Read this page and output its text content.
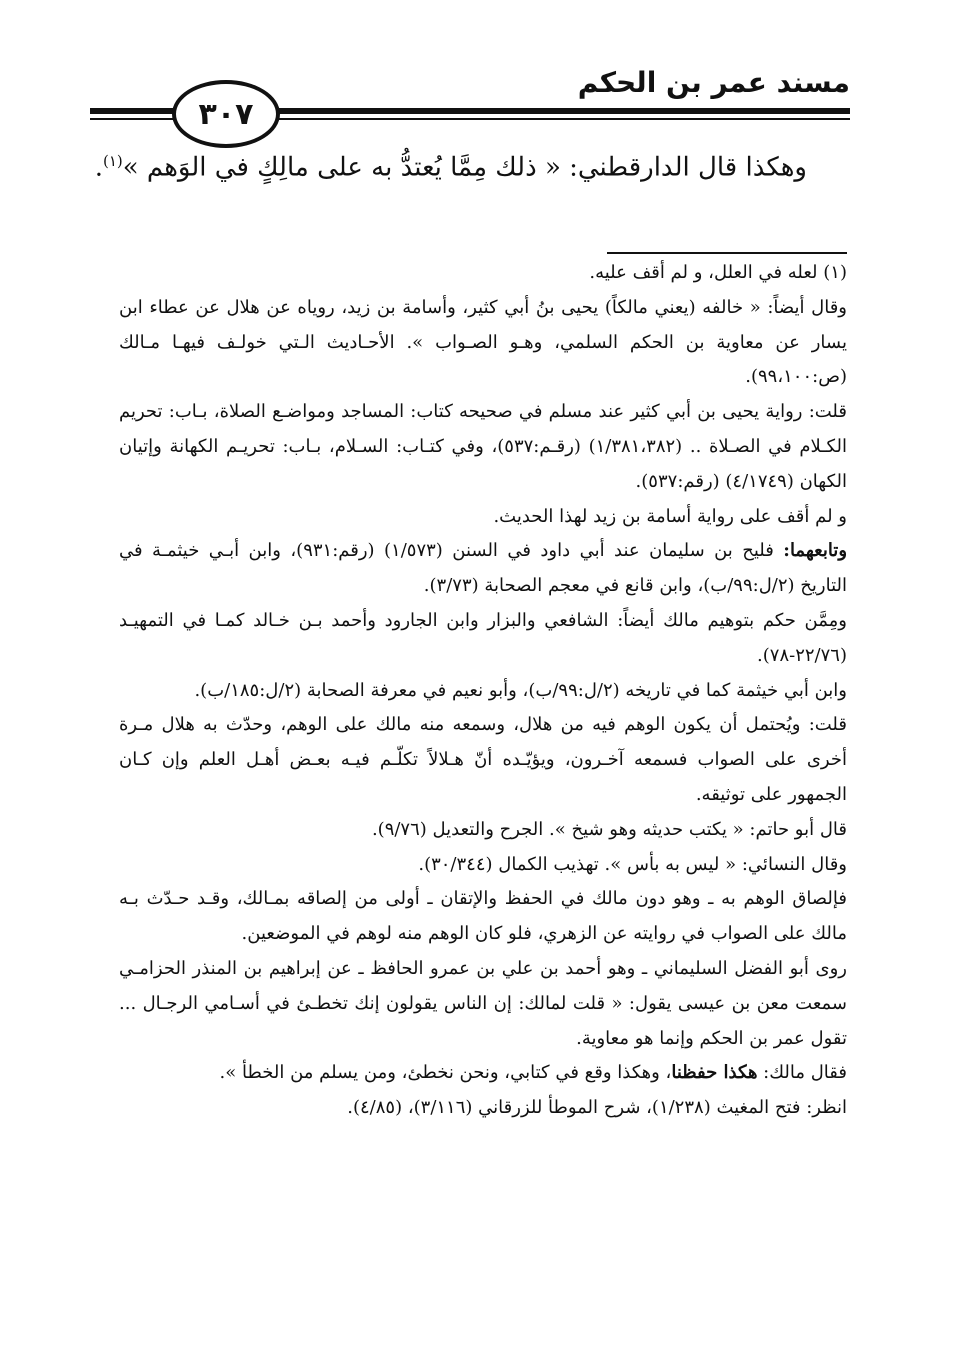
مسند عمر بن الحكم
٣٠٧
وهكذا قال الدارقطني: « ذلك مِمَّا يُعتدُّ به على مالِكٍ في الوَهم »$^{(١)}$.

(١) لعله في العلل، و لم أقف عليه.

وقال أيضاً: « خالفه (يعني مالكاً) يحيى بنُ أبي كثير، وأسامة بن زيد، روياه عن هلال عن عطاء ابن يسار عن معاوية بن الحكم السلمي، وهـو الصـواب ». الأحـاديث الـتي خولـف فيهـا مـالك (ص:٩٩،١٠٠).

قلت: رواية يحيى بن أبي كثير عند مسلم في صحيحه كتاب: المساجد ومواضـع الصلاة، بـاب: تحريم الكـلام في الصـلاة .. (١/٣٨١،٣٨٢) (رقـم:٥٣٧)، وفي كتـاب: السـلام، بـاب: تحريـم الكهانة وإتيان الكهان (٤/١٧٤٩) (رقم:٥٣٧).

و لم أقف على رواية أسامة بن زيد لهذا الحديث.

وتابعهما: فليح بن سليمان عند أبي داود في السنن (١/٥٧٣) (رقم:٩٣١)، وابن أبـي خيثمـة في التاريخ (٢/ل:٩٩/ب)، وابن قانع في معجم الصحابة (٣/٧٣).

ومِمَّن حكم بتوهيم مالك أيضاً: الشافعي والبزار وابن الجارود وأحمد بـن خـالد كمـا في التمهيـد (٢٢/٧٦-٧٨).

وابن أبي خيثمة كما في تاريخه (٢/ل:٩٩/ب)، وأبو نعيم في معرفة الصحابة (٢/ل:١٨٥/ب).

قلت: ويُحتمل أن يكون الوهم فيه من هلال، وسمعه منه مالك على الوهم، وحدّث به هلال مـرة أخرى على الصواب فسمعه آخـرون، ويؤيّـده أنّ هـلالاً تكلّـم فيـه بعـض أهـل العلم وإن كـان الجمهور على توثيقه.

قال أبو حاتم: « يكتب حديثه وهو شيخ ». الجرح والتعديل (٩/٧٦).

وقال النسائي: « ليس به بأس ». تهذيب الكمال (٣٠/٣٤٤).

فإلصاق الوهم به ـ وهو دون مالك في الحفظ والإتقان ـ أولى من إلصاقه بمـالك، وقـد حـدّث بـه مالك على الصواب في روايته عن الزهري، فلو كان الوهم منه لوهم في الموضعين.

روى أبو الفضل السليماني ـ وهو أحمد بن علي بن عمرو الحافظ ـ عن إبراهيم بن المنذر الحزامـي سمعت معن بن عيسى يقول: « قلت لمالك: إن الناس يقولون إنك تخطـئ في أسـامي الرجـال ... تقول عمر بن الحكم وإنما هو معاوية.

فقال مالك: هكذا حفظنا، وهكذا وقع في كتابي، ونحن نخطئ، ومن يسلم من الخطأ ».

انظر: فتح المغيث (١/٢٣٨)، شرح الموطأ للزرقاني (٣/١١٦)، (٤/٨٥).
